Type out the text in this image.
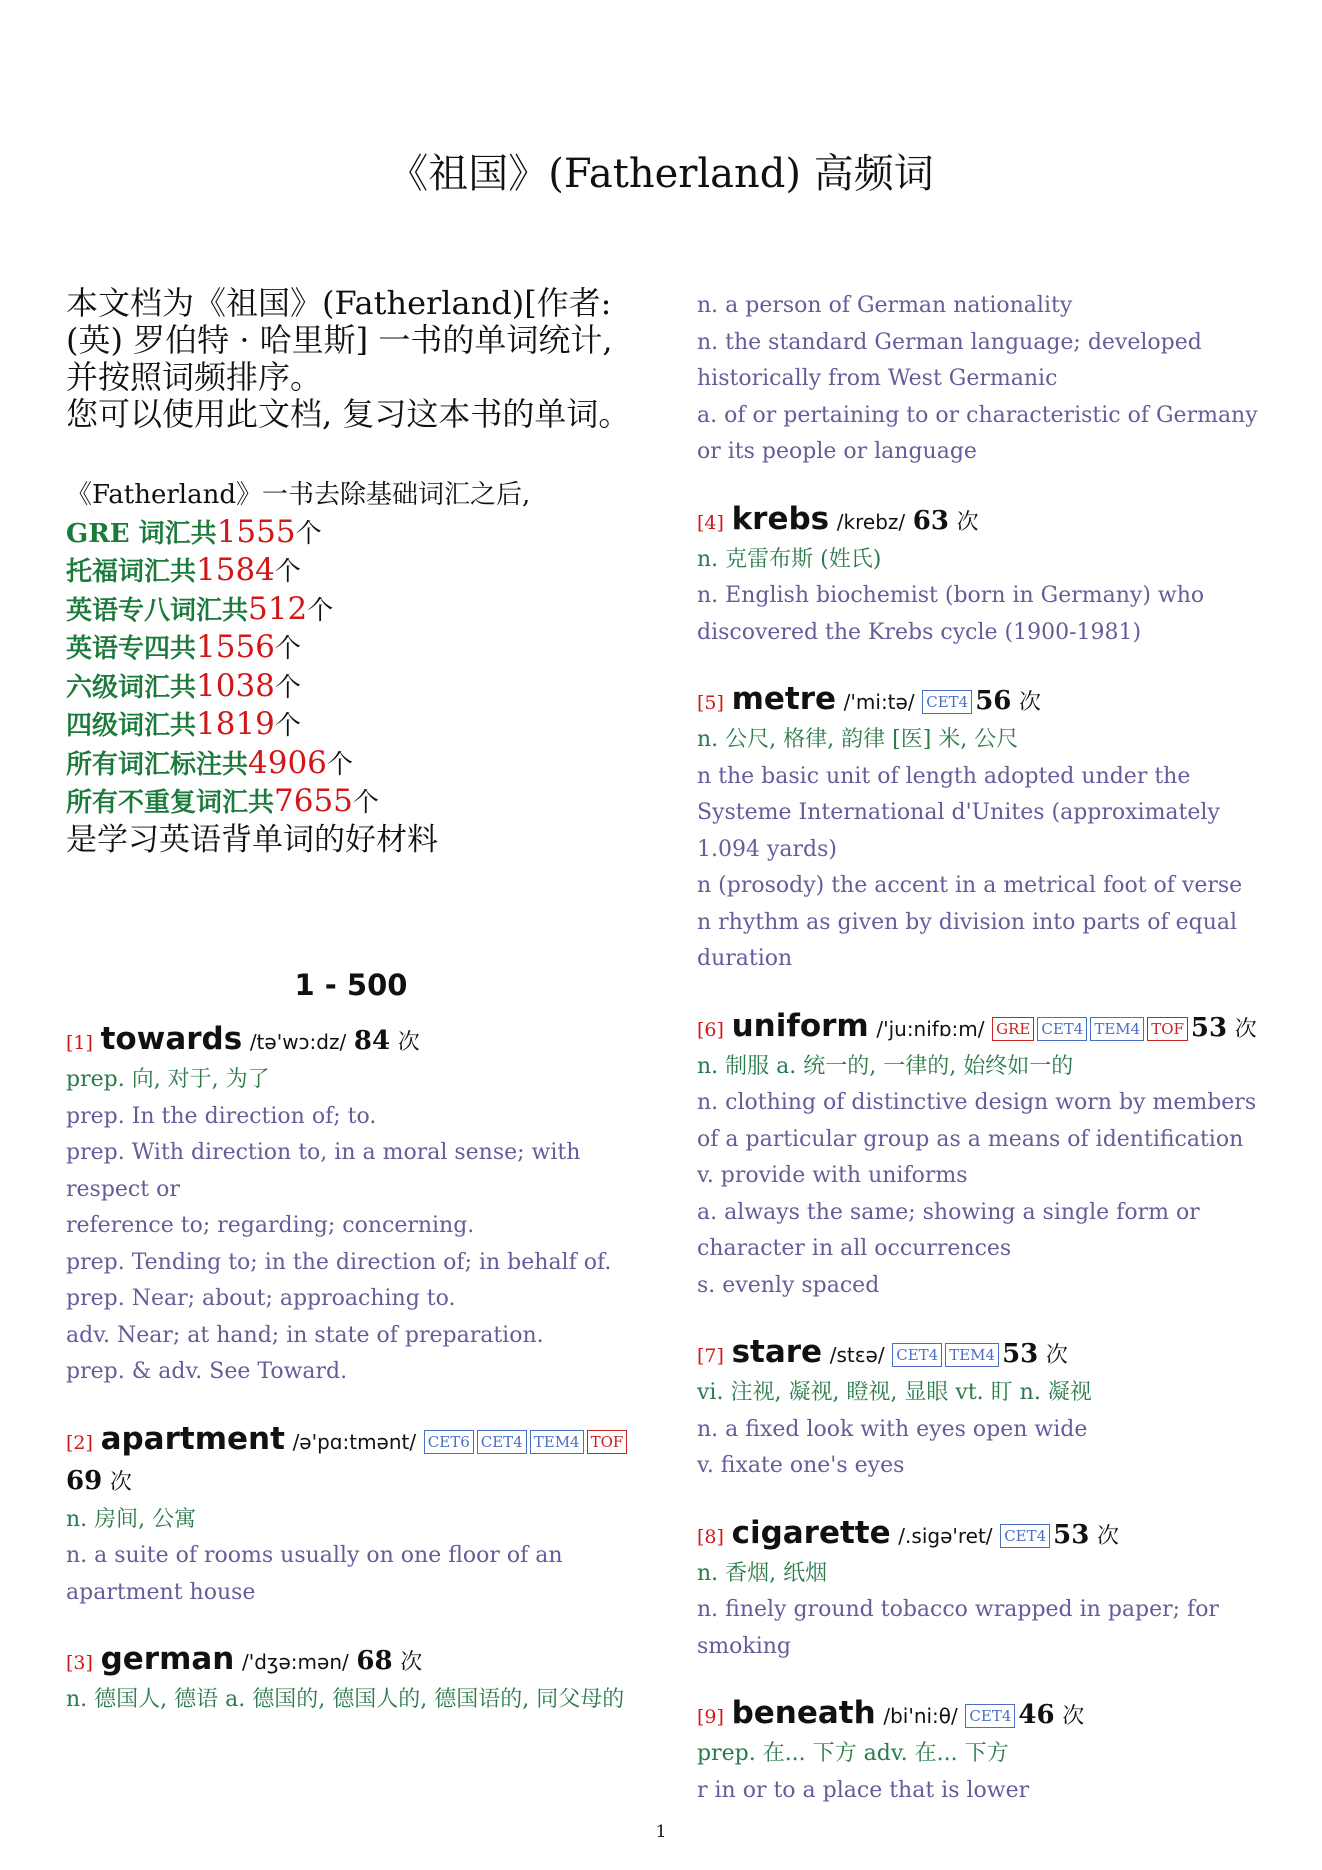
《祖国》(Fatherland) 高频词

本文档为《祖国》(Fatherland)[作者: (英) 罗伯特 · 哈里斯] 一书的单词统计, 并按照词频排序。

您可以使用此文档, 复习这本书的单词。

《Fatherland》一书去除基础词汇之后,
GRE 词汇共1555个
托福词汇共1584个
英语专八词汇共512个
英语专四共1556个
六级词汇共1038个
四级词汇共1819个
所有词汇标注共4906个
所有不重复词汇共7655个
是学习英语背单词的好材料
1 - 500
[1] towards /tə'wɔ:dz/ 84 次
prep. 向, 对于, 为了
prep. In the direction of; to.
prep. With direction to, in a moral sense; with respect or
reference to; regarding; concerning.
prep. Tending to; in the direction of; in behalf of.
prep. Near; about; approaching to.
adv. Near; at hand; in state of preparation.
prep. & adv. See Toward.
[2] apartment /ə'pɑ:tmənt/ CET6 CET4 TEM4 TOF69 次
n. 房间, 公寓
n. a suite of rooms usually on one floor of an apartment house
[3] german /'dʒə:mən/ 68 次
n. 德国人, 德语 a. 德国的, 德国人的, 德国语的, 同父母的
n. a person of German nationality
n. the standard German language; developed historically from West Germanic
a. of or pertaining to or characteristic of Germany or its people or language
[4] krebs /krebz/ 63 次
n. 克雷布斯 (姓氏)
n. English biochemist (born in Germany) who discovered the Krebs cycle (1900-1981)
[5] metre /'mi:tə/ CET4 56 次
n. 公尺, 格律, 韵律 [医] 米, 公尺
n the basic unit of length adopted under the Systeme International d'Unites (approximately 1.094 yards)
n (prosody) the accent in a metrical foot of verse
n rhythm as given by division into parts of equal duration
[6] uniform /'ju:nifɒ:m/ GRE CET4 TEM4 TOF 53 次
n. 制服 a. 统一的, 一律的, 始终如一的
n. clothing of distinctive design worn by members of a particular group as a means of identification
v. provide with uniforms
a. always the same; showing a single form or character in all occurrences
s. evenly spaced
[7] stare /stɛə/ CET4 TEM4 53 次
vi. 注视, 凝视, 瞪视, 显眼 vt. 盯 n. 凝视
n. a fixed look with eyes open wide
v. fixate one's eyes
[8] cigarette /.sigə'ret/ CET4 53 次
n. 香烟, 纸烟
n. finely ground tobacco wrapped in paper; for smoking
[9] beneath /bi'ni:θ/ CET4 46 次
prep. 在... 下方 adv. 在... 下方
r in or to a place that is lower
1
